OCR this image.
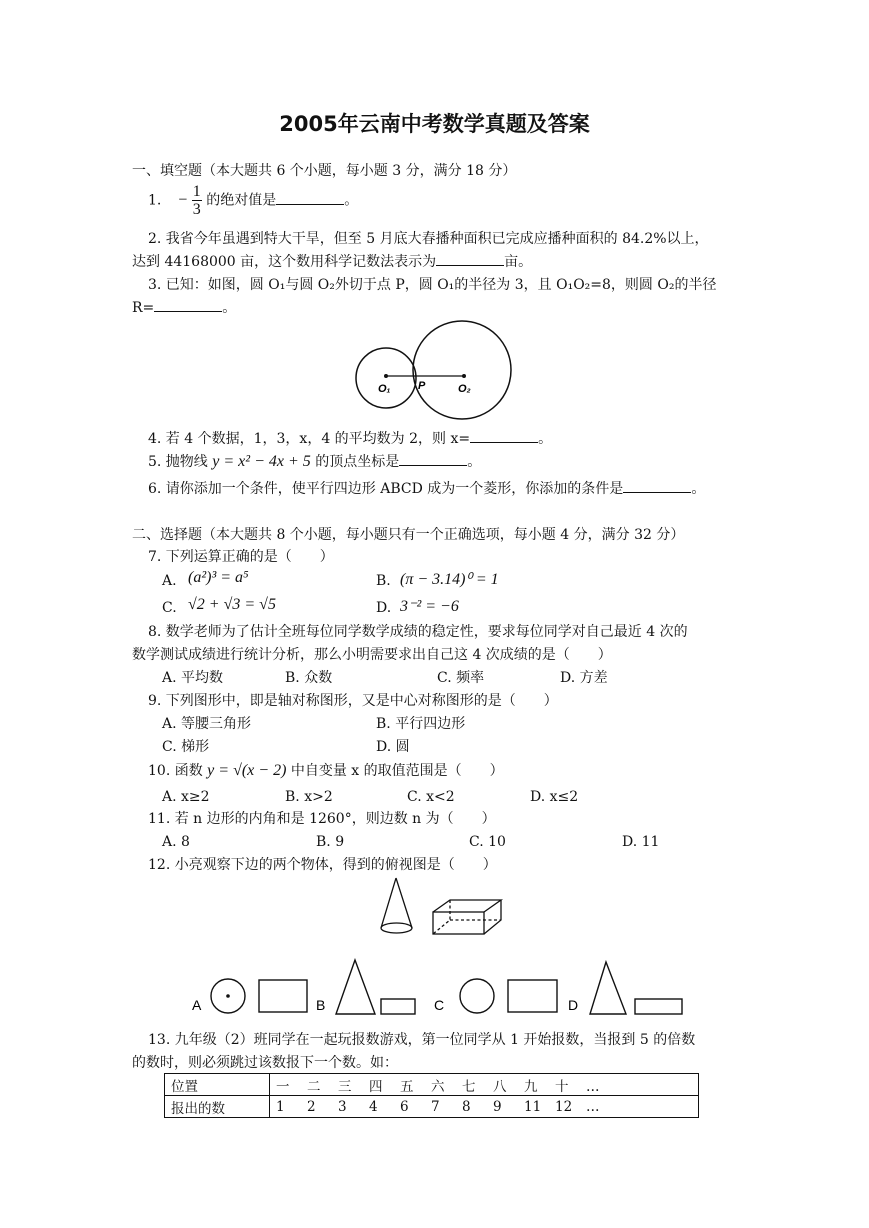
2005年云南中考数学真题及答案
一、填空题（本大题共 6 个小题，每小题 3 分，满分 18 分）
1. − $\frac{1}{3}$ 的绝对值是	。
2. 我省今年虽遇到特大干旱，但至 5 月底大春播种面积已完成应播种面积的 84.2%以上，
达到 44168000 亩，这个数用科学记数法表示为	亩。
3. 已知：如图，圆 O₁与圆 O₂外切于点 P，圆 O₁的半径为 3，且 O₁O₂=8，则圆 O₂的半径
R=	。
O₁	P	O₂
4. 若 4 个数据，1，3，x，4 的平均数为 2，则 x=	。
5. 抛物线 y = x² − 4x + 5 的顶点坐标是	。
6. 请你添加一个条件，使平行四边形 ABCD 成为一个菱形，你添加的条件是	。
二、选择题（本大题共 8 个小题，每小题只有一个正确选项，每小题 4 分，满分 32 分）
7. 下列运算正确的是（　　）
A. (a²)³ = a⁵	B. (π − 3.14)⁰ = 1
C. √2 + √3 = √5	D. 3⁻² = −6
8. 数学老师为了估计全班每位同学数学成绩的稳定性，要求每位同学对自己最近 4 次的
数学测试成绩进行统计分析，那么小明需要求出自己这 4 次成绩的是（　　）
A. 平均数	B. 众数	C. 频率	D. 方差
9. 下列图形中，即是轴对称图形，又是中心对称图形的是（　　）
A. 等腰三角形	B. 平行四边形
C. 梯形	D. 圆
10. 函数 y = √(x − 2) 中自变量 x 的取值范围是（　　）
A. x≥2	B. x>2	C. x<2	D. x≤2
11. 若 n 边形的内角和是 1260°，则边数 n 为（　　）
A. 8	B. 9	C. 10	D. 11
12. 小亮观察下边的两个物体，得到的俯视图是（　　）
A	B	C	D
13. 九年级（2）班同学在一起玩报数游戏，第一位同学从 1 开始报数，当报到 5 的倍数
的数时，则必须跳过该数报下一个数。如：
位置	一 二 三 四 五 六 七 八 九 十 …
报出的数	1 2 3 4 6 7 8 9 11 12 …
